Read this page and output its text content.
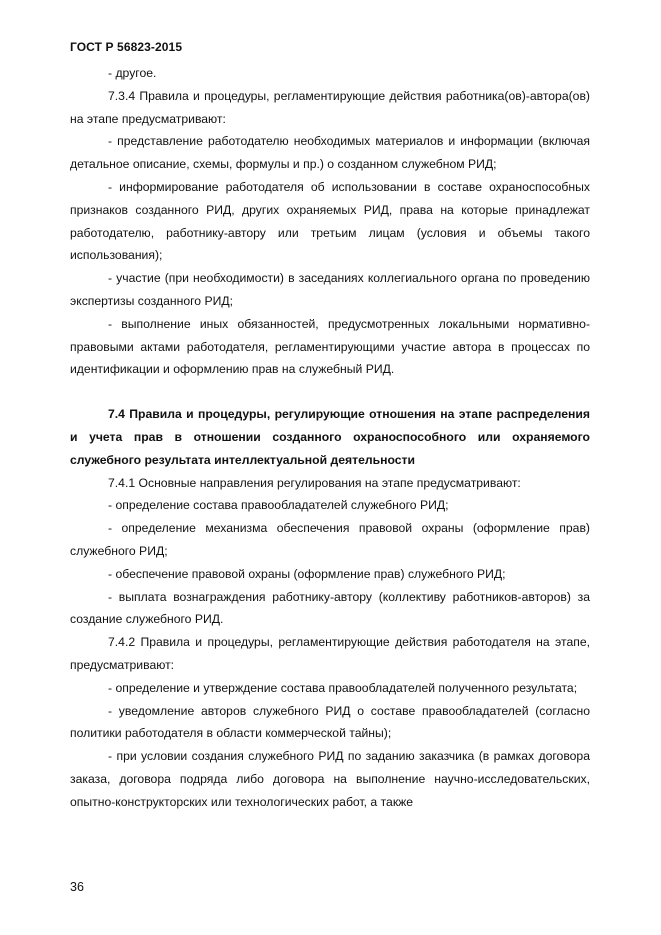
ГОСТ Р 56823-2015

- другое.

7.3.4 Правила и процедуры, регламентирующие действия работника(ов)-автора(ов) на этапе предусматривают:

- представление работодателю необходимых материалов и информации (включая детальное описание, схемы, формулы и пр.) о созданном служебном РИД;

- информирование работодателя об использовании в составе охраноспособных признаков созданного РИД, других охраняемых РИД, права на которые принадлежат работодателю, работнику-автору или третьим лицам (условия и объемы такого использования);

- участие (при необходимости) в заседаниях коллегиального органа по проведению экспертизы созданного РИД;

- выполнение иных обязанностей, предусмотренных локальными нормативно-правовыми актами работодателя, регламентирующими участие автора в процессах по идентификации и оформлению прав на служебный РИД.

7.4 Правила и процедуры, регулирующие отношения на этапе распределения и учета прав в отношении созданного охраноспособного или охраняемого служебного результата интеллектуальной деятельности

7.4.1 Основные направления регулирования на этапе предусматривают:

- определение состава правообладателей служебного РИД;

- определение механизма обеспечения правовой охраны (оформление прав) служебного РИД;

- обеспечение правовой охраны (оформление прав) служебного РИД;

- выплата вознаграждения работнику-автору (коллективу работников-авторов) за создание служебного РИД.

7.4.2 Правила и процедуры, регламентирующие действия работодателя на этапе, предусматривают:

- определение и утверждение состава правообладателей полученного результата;

- уведомление авторов служебного РИД о составе правообладателей (согласно политики работодателя в области коммерческой тайны);

- при условии создания служебного РИД по заданию заказчика (в рамках договора заказа, договора подряда либо договора на выполнение научно-исследовательских, опытно-конструкторских или технологических работ, а также

36
